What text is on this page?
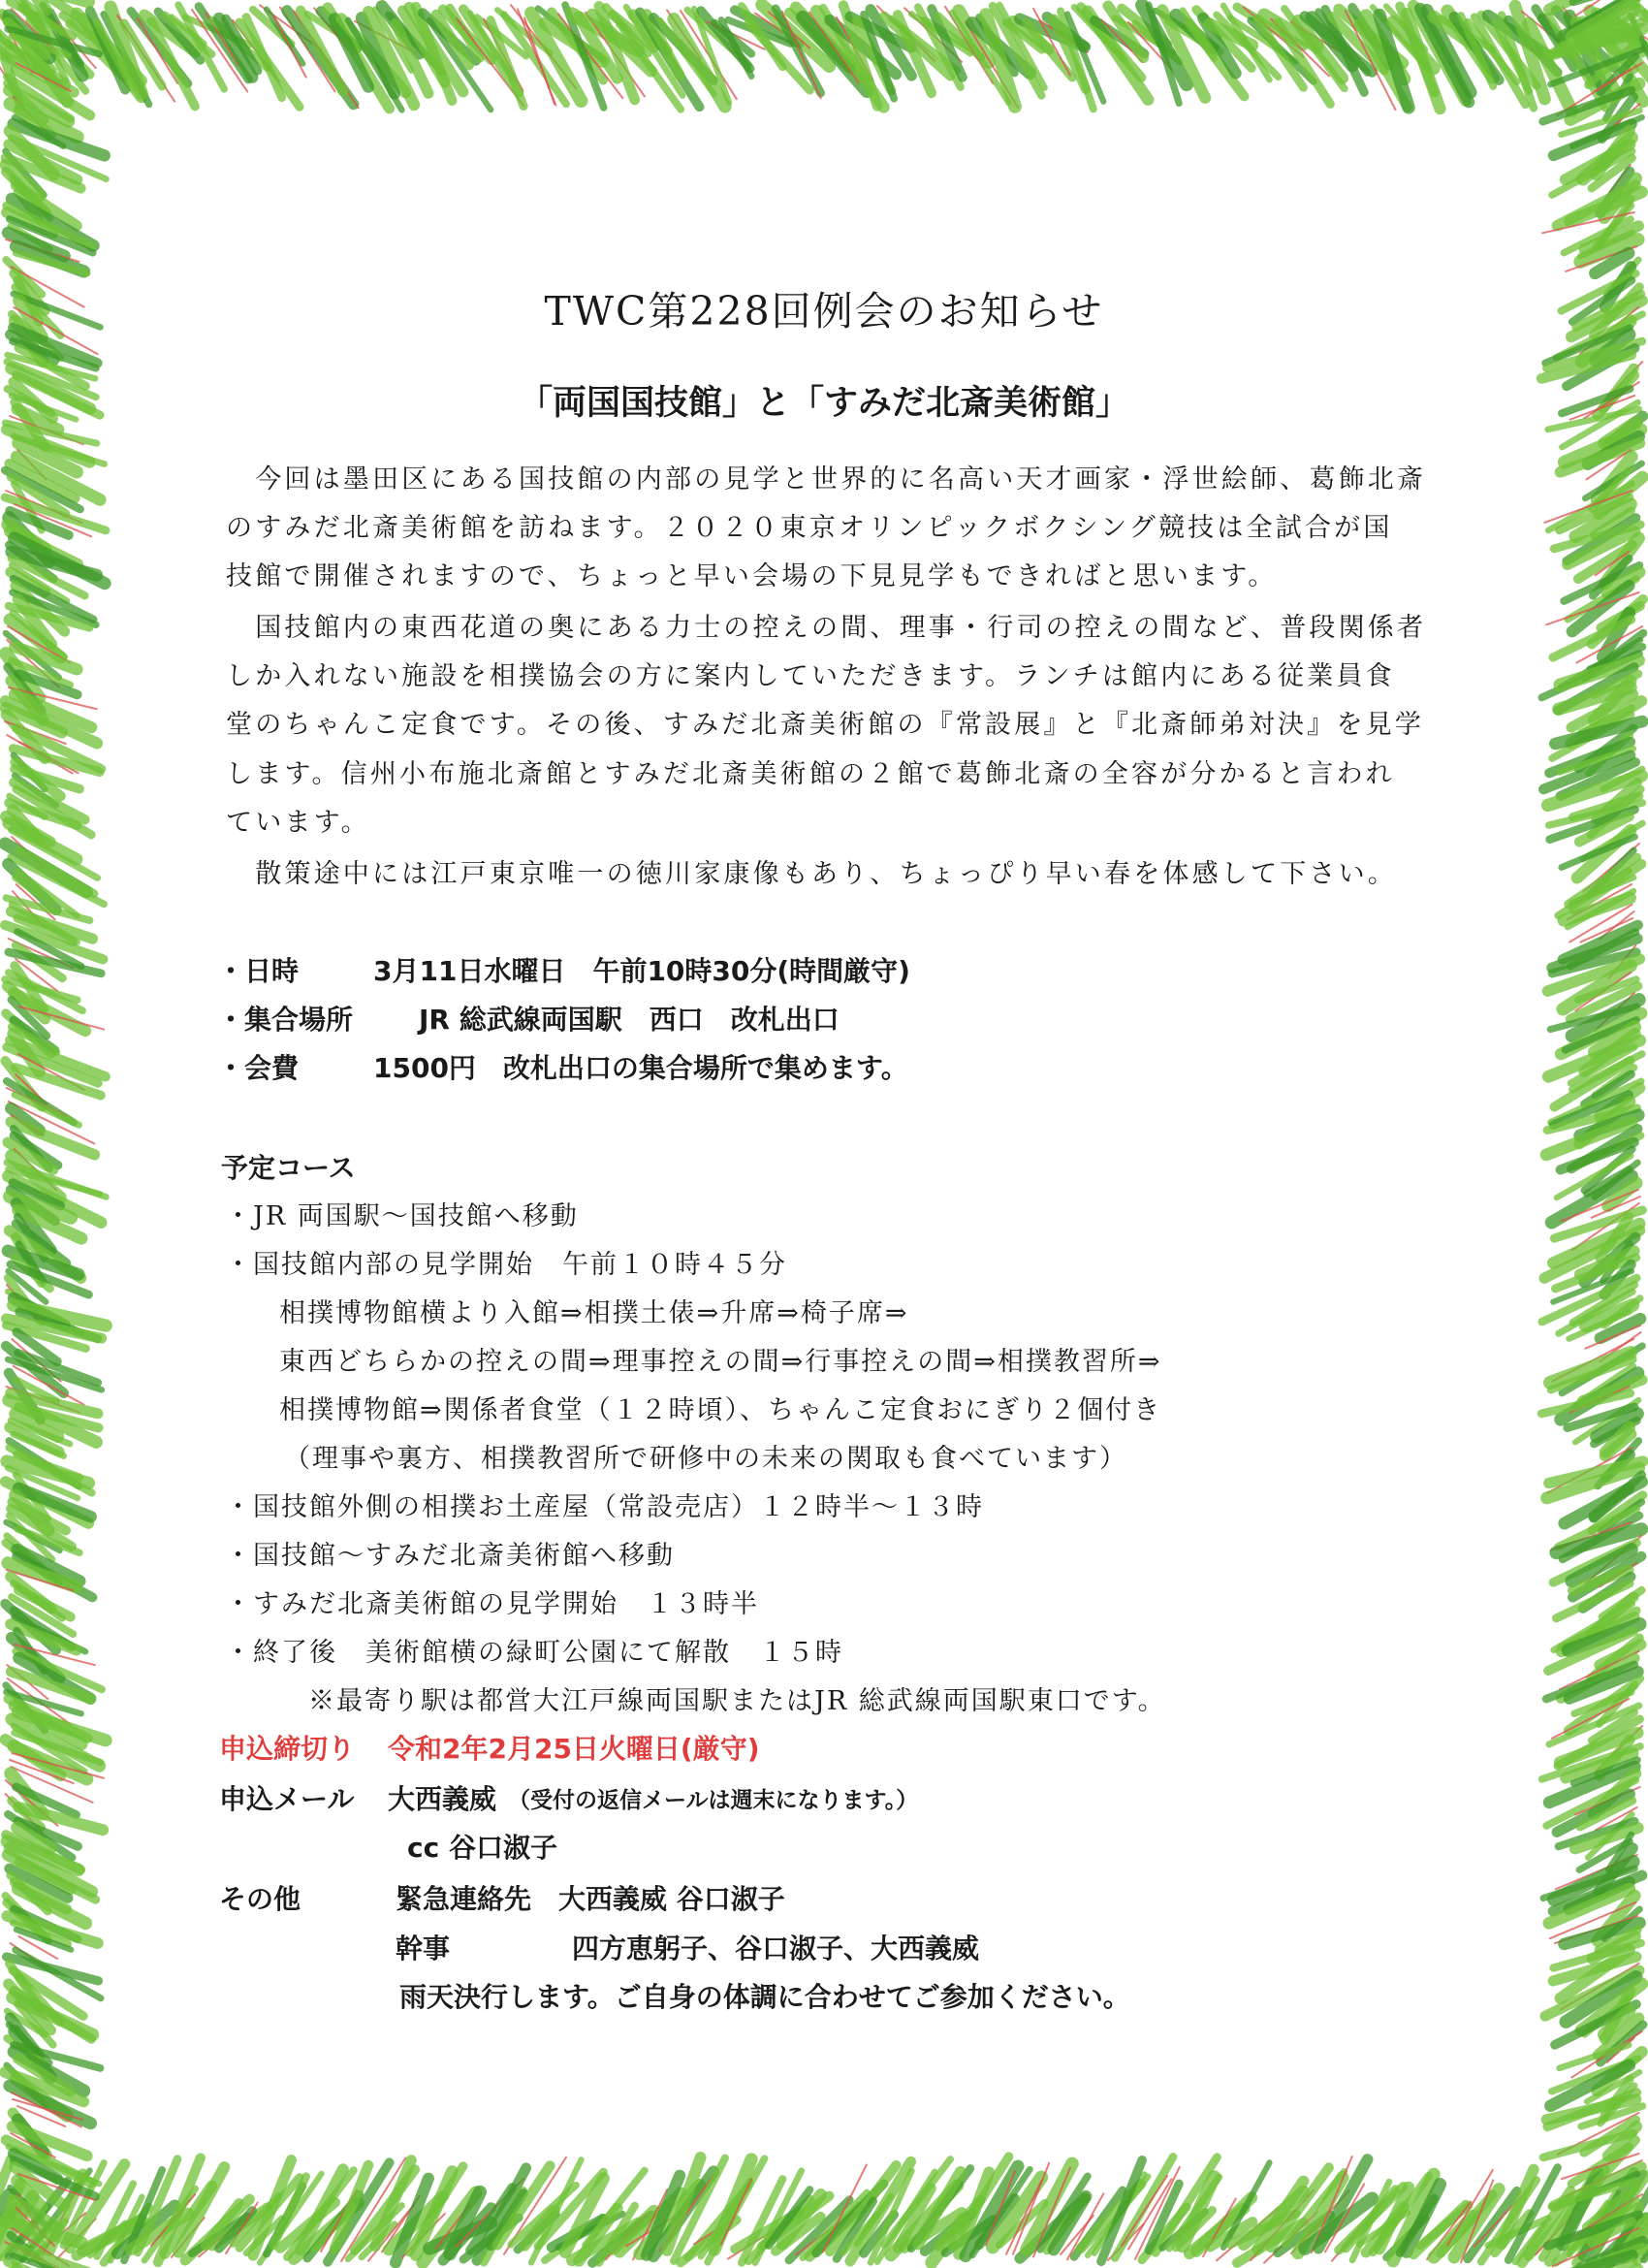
TWC第228回例会のお知らせ
「両国国技館」と「すみだ北斎美術館」
　今回は墨田区にある国技館の内部の見学と世界的に名高い天才画家・浮世絵師、葛飾北斎
のすみだ北斎美術館を訪ねます。２０２０東京オリンピックボクシング競技は全試合が国
技館で開催されますので、ちょっと早い会場の下見見学もできればと思います。
　国技館内の東西花道の奥にある力士の控えの間、理事・行司の控えの間など、普段関係者
しか入れない施設を相撲協会の方に案内していただきます。ランチは館内にある従業員食
堂のちゃんこ定食です。その後、すみだ北斎美術館の『常設展』と『北斎師弟対決』を見学
します。信州小布施北斎館とすみだ北斎美術館の２館で葛飾北斎の全容が分かると言われ
ています。
　散策途中には江戸東京唯一の徳川家康像もあり、ちょっぴり早い春を体感して下さい。
・日時	3月11日水曜日　午前10時30分(時間厳守)
・集合場所 JR 総武線両国駅　西口　改札出口
・会費	1500円　改札出口の集合場所で集めます。
予定コース
・JR 両国駅～国技館へ移動
・国技館内部の見学開始　午前１０時４５分
相撲博物館横より入館⇒相撲土俵⇒升席⇒椅子席⇒
東西どちらかの控えの間⇒理事控えの間⇒行事控えの間⇒相撲教習所⇒
相撲博物館⇒関係者食堂（１２時頃）、ちゃんこ定食おにぎり２個付き
（理事や裏方、相撲教習所で研修中の未来の関取も食べています）
・国技館外側の相撲お土産屋（常設売店）１２時半～１３時
・国技館～すみだ北斎美術館へ移動
・すみだ北斎美術館の見学開始　１３時半
・終了後　美術館横の緑町公園にて解散　１５時
※最寄り駅は都営大江戸線両国駅またはJR 総武線両国駅東口です。
申込締切り 令和2年2月25日火曜日(厳守)
申込メール 大西義威 （受付の返信メールは週末になります。）
cc 谷口淑子
その他	緊急連絡先　大西義威 谷口淑子
幹事	四方恵躬子、谷口淑子、大西義威
雨天決行します。ご自身の体調に合わせてご参加ください。
